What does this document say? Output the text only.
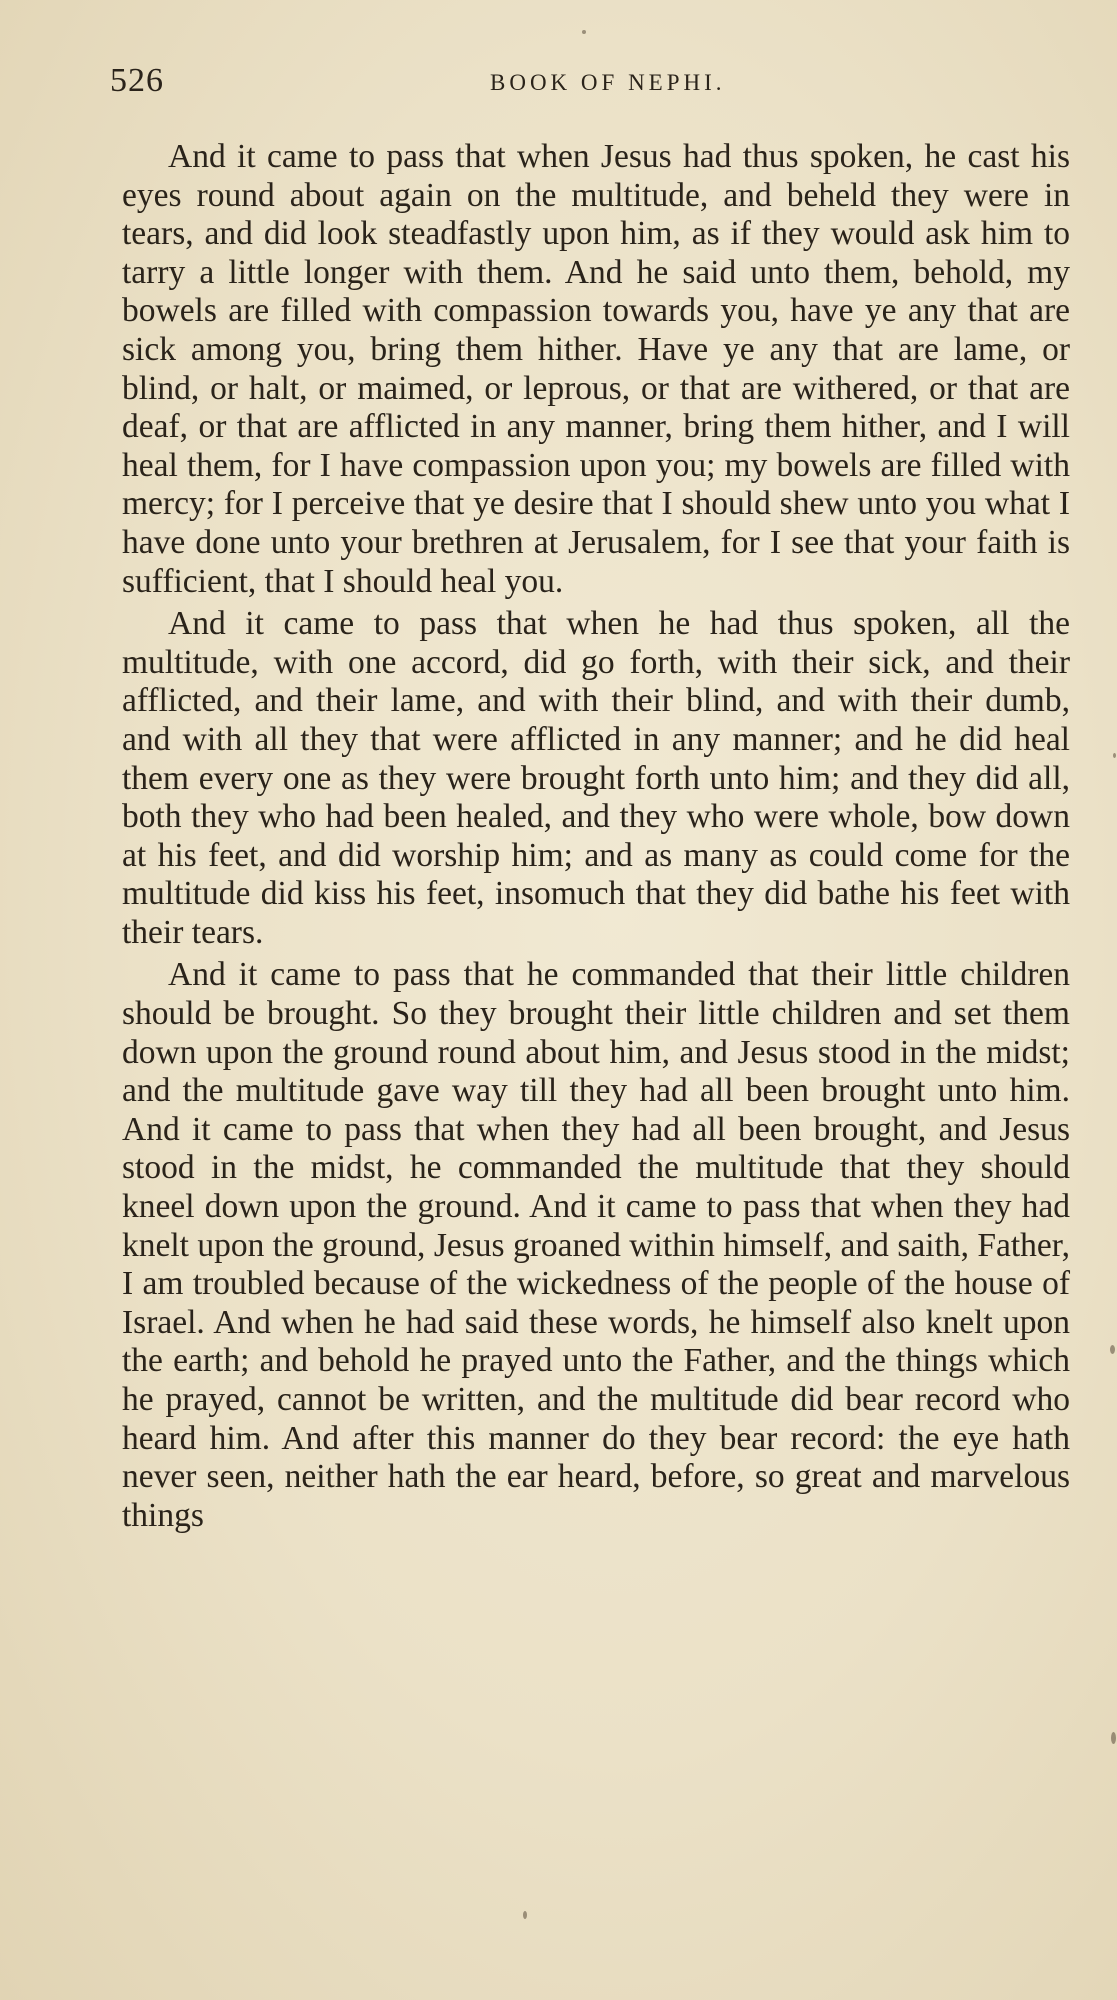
526	BOOK OF NEPHI.

And it came to pass that when Jesus had thus spoken, he cast his eyes round about again on the multitude, and beheld they were in tears, and did look steadfastly upon him, as if they would ask him to tarry a little longer with them. And he said unto them, behold, my bowels are filled with compassion towards you, have ye any that are sick among you, bring them hither. Have ye any that are lame, or blind, or halt, or maimed, or leprous, or that are withered, or that are deaf, or that are afflicted in any manner, bring them hither, and I will heal them, for I have compassion upon you; my bowels are filled with mercy; for I perceive that ye desire that I should shew unto you what I have done unto your brethren at Jerusalem, for I see that your faith is sufficient, that I should heal you.

And it came to pass that when he had thus spoken, all the multitude, with one accord, did go forth, with their sick, and their afflicted, and their lame, and with their blind, and with their dumb, and with all they that were afflicted in any manner; and he did heal them every one as they were brought forth unto him; and they did all, both they who had been healed, and they who were whole, bow down at his feet, and did worship him; and as many as could come for the multitude did kiss his feet, insomuch that they did bathe his feet with their tears.

And it came to pass that he commanded that their little children should be brought. So they brought their little children and set them down upon the ground round about him, and Jesus stood in the midst; and the multitude gave way till they had all been brought unto him. And it came to pass that when they had all been brought, and Jesus stood in the midst, he commanded the multitude that they should kneel down upon the ground. And it came to pass that when they had knelt upon the ground, Jesus groaned within himself, and saith, Father, I am troubled because of the wickedness of the people of the house of Israel. And when he had said these words, he himself also knelt upon the earth; and behold he prayed unto the Father, and the things which he prayed, cannot be written, and the multitude did bear record who heard him. And after this manner do they bear record: the eye hath never seen, neither hath the ear heard, before, so great and marvelous things
